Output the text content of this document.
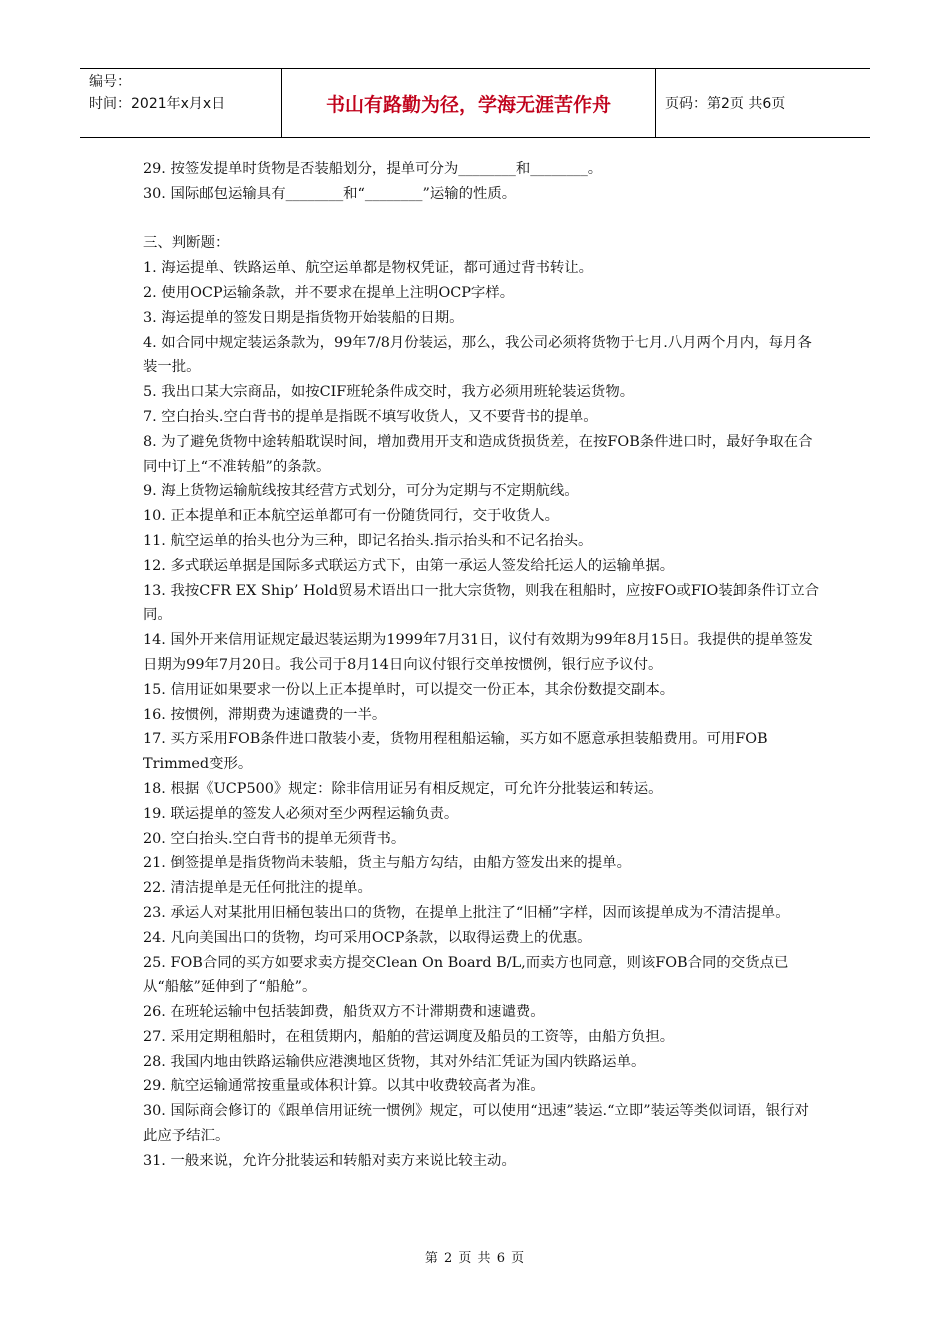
编号：
时间：2021年x月x日	书山有路勤为径，学海无涯苦作舟	页码：第2页 共6页

29. 按签发提单时货物是否装船划分，提单可分为________和________。

30. 国际邮包运输具有________和“________”运输的性质。

三、判断题：

1. 海运提单、铁路运单、航空运单都是物权凭证，都可通过背书转让。

2. 使用OCP运输条款，并不要求在提单上注明OCP字样。

3. 海运提单的签发日期是指货物开始装船的日期。

4. 如合同中规定装运条款为，99年7/8月份装运，那么，我公司必须将货物于七月.八月两个月内，每月各装一批。

5. 我出口某大宗商品，如按CIF班轮条件成交时，我方必须用班轮装运货物。

7. 空白抬头.空白背书的提单是指既不填写收货人，又不要背书的提单。

8. 为了避免货物中途转船耽误时间，增加费用开支和造成货损货差，在按FOB条件进口时，最好争取在合同中订上“不准转船”的条款。

9. 海上货物运输航线按其经营方式划分，可分为定期与不定期航线。

10. 正本提单和正本航空运单都可有一份随货同行，交于收货人。

11. 航空运单的抬头也分为三种，即记名抬头.指示抬头和不记名抬头。

12. 多式联运单据是国际多式联运方式下，由第一承运人签发给托运人的运输单据。

13. 我按CFR EX Ship’ Hold贸易术语出口一批大宗货物，则我在租船时，应按FO或FIO装卸条件订立合同。

14. 国外开来信用证规定最迟装运期为1999年7月31日，议付有效期为99年8月15日。我提供的提单签发日期为99年7月20日。我公司于8月14日向议付银行交单按惯例，银行应予议付。

15. 信用证如果要求一份以上正本提单时，可以提交一份正本，其余份数提交副本。

16. 按惯例，滞期费为速谴费的一半。

17. 买方采用FOB条件进口散装小麦，货物用程租船运输，买方如不愿意承担装船费用。可用FOB Trimmed变形。

18. 根据《UCP500》规定：除非信用证另有相反规定，可允许分批装运和转运。

19. 联运提单的签发人必须对至少两程运输负责。

20. 空白抬头.空白背书的提单无须背书。

21. 倒签提单是指货物尚未装船，货主与船方勾结，由船方签发出来的提单。

22. 清洁提单是无任何批注的提单。

23. 承运人对某批用旧桶包装出口的货物，在提单上批注了“旧桶”字样，因而该提单成为不清洁提单。

24. 凡向美国出口的货物，均可采用OCP条款，以取得运费上的优惠。

25. FOB合同的买方如要求卖方提交Clean On Board B/L,而卖方也同意，则该FOB合同的交货点已从“船舷”延伸到了“船舱”。

26. 在班轮运输中包括装卸费，船货双方不计滞期费和速谴费。

27. 采用定期租船时，在租赁期内，船舶的营运调度及船员的工资等，由船方负担。

28. 我国内地由铁路运输供应港澳地区货物，其对外结汇凭证为国内铁路运单。

29. 航空运输通常按重量或体积计算。以其中收费较高者为准。

30. 国际商会修订的《跟单信用证统一惯例》规定，可以使用“迅速”装运.“立即”装运等类似词语，银行对此应予结汇。

31. 一般来说，允许分批装运和转船对卖方来说比较主动。

第 2 页 共 6 页
